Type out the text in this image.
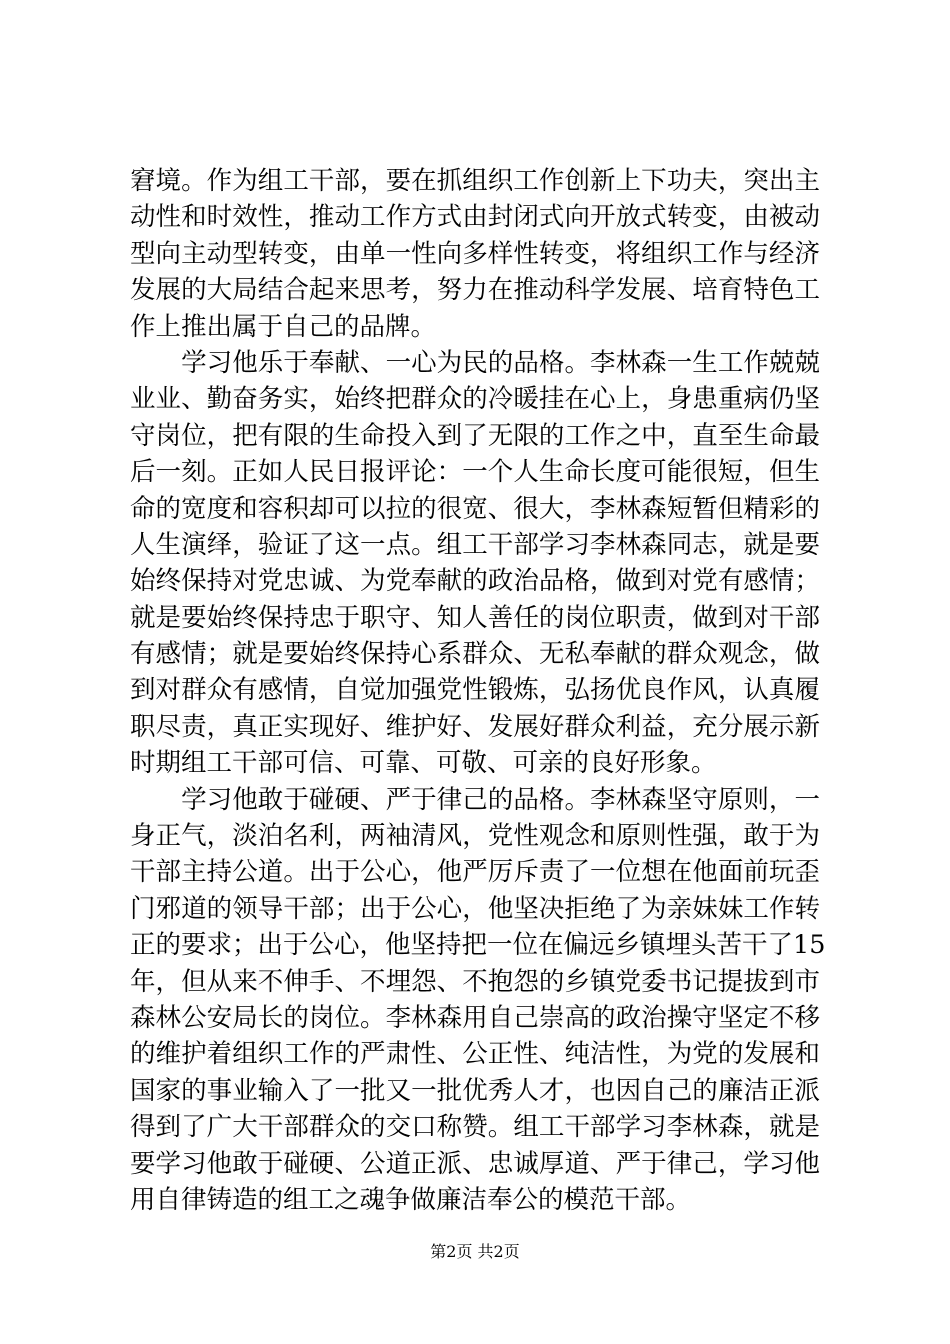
窘境。作为组工干部，要在抓组织工作创新上下功夫，突出主
动性和时效性，推动工作方式由封闭式向开放式转变，由被动
型向主动型转变，由单一性向多样性转变，将组织工作与经济
发展的大局结合起来思考，努力在推动科学发展、培育特色工
作上推出属于自己的品牌。
　　学习他乐于奉献、一心为民的品格。李林森一生工作兢兢
业业、勤奋务实，始终把群众的冷暖挂在心上，身患重病仍坚
守岗位，把有限的生命投入到了无限的工作之中，直至生命最
后一刻。正如人民日报评论：一个人生命长度可能很短，但生
命的宽度和容积却可以拉的很宽、很大，李林森短暂但精彩的
人生演绎，验证了这一点。组工干部学习李林森同志，就是要
始终保持对党忠诚、为党奉献的政治品格，做到对党有感情；
就是要始终保持忠于职守、知人善任的岗位职责，做到对干部
有感情；就是要始终保持心系群众、无私奉献的群众观念，做
到对群众有感情，自觉加强党性锻炼，弘扬优良作风，认真履
职尽责，真正实现好、维护好、发展好群众利益，充分展示新
时期组工干部可信、可靠、可敬、可亲的良好形象。
　　学习他敢于碰硬、严于律己的品格。李林森坚守原则，一
身正气，淡泊名利，两袖清风，党性观念和原则性强，敢于为
干部主持公道。出于公心，他严厉斥责了一位想在他面前玩歪
门邪道的领导干部；出于公心，他坚决拒绝了为亲妹妹工作转
正的要求；出于公心，他坚持把一位在偏远乡镇埋头苦干了15
年，但从来不伸手、不埋怨、不抱怨的乡镇党委书记提拔到市
森林公安局长的岗位。李林森用自己崇高的政治操守坚定不移
的维护着组织工作的严肃性、公正性、纯洁性，为党的发展和
国家的事业输入了一批又一批优秀人才，也因自己的廉洁正派
得到了广大干部群众的交口称赞。组工干部学习李林森，就是
要学习他敢于碰硬、公道正派、忠诚厚道、严于律己，学习他
用自律铸造的组工之魂争做廉洁奉公的模范干部。
第2页 共2页
